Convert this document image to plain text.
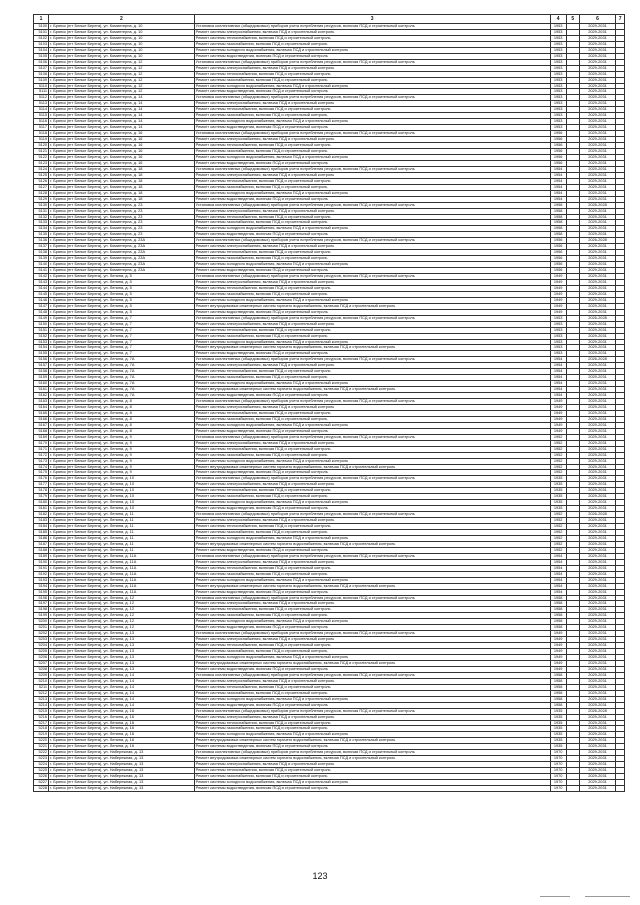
1	2	3	4	5	6	7
5100	г. Брянск (пгт Белые Берега), ул. Коминтерна, д. 10	Установка коллективных (общедомовых) приборов учета потребления ресурсов, включая ПСД и строительный контроль	1953		2029-2031	
5101	г. Брянск (пгт Белые Берега), ул. Коминтерна, д. 10	Ремонт системы электроснабжения, включая ПСД и строительный контроль	1953		2029-2031	
5102	г. Брянск (пгт Белые Берега), ул. Коминтерна, д. 10	Ремонт системы теплоснабжения, включая ПСД и строительный контроль	1953		2029-2031	
5103	г. Брянск (пгт Белые Берега), ул. Коминтерна, д. 10	Ремонт системы газоснабжения, включая ПСД и строительный контроль	1953		2029-2031	
5104	г. Брянск (пгт Белые Берега), ул. Коминтерна, д. 10	Ремонт системы холодного водоснабжения, включая ПСД и строительный контроль	1953		2029-2031	
5105	г. Брянск (пгт Белые Берега), ул. Коминтерна, д. 10	Ремонт системы водоотведения, включая ПСД и строительный контроль	1953		2029-2031	
5106	г. Брянск (пгт Белые Берега), ул. Коминтерна, д. 12	Установка коллективных (общедомовых) приборов учета потребления ресурсов, включая ПСД и строительный контроль	1953		2029-2031	
5107	г. Брянск (пгт Белые Берега), ул. Коминтерна, д. 12	Ремонт системы электроснабжения, включая ПСД и строительный контроль	1953		2029-2031	
5108	г. Брянск (пгт Белые Берега), ул. Коминтерна, д. 12	Ремонт системы теплоснабжения, включая ПСД и строительный контроль	1953		2029-2031	
5109	г. Брянск (пгт Белые Берега), ул. Коминтерна, д. 12	Ремонт системы газоснабжения, включая ПСД и строительный контроль	1953		2029-2031	
5110	г. Брянск (пгт Белые Берега), ул. Коминтерна, д. 12	Ремонт системы холодного водоснабжения, включая ПСД и строительный контроль	1953		2029-2031	
5111	г. Брянск (пгт Белые Берега), ул. Коминтерна, д. 12	Ремонт системы водоотведения, включая ПСД и строительный контроль	1953		2029-2031	
5112	г. Брянск (пгт Белые Берега), ул. Коминтерна, д. 14	Установка коллективных (общедомовых) приборов учета потребления ресурсов, включая ПСД и строительный контроль	1953		2029-2031	
5113	г. Брянск (пгт Белые Берега), ул. Коминтерна, д. 14	Ремонт системы электроснабжения, включая ПСД и строительный контроль	1953		2029-2031	
5114	г. Брянск (пгт Белые Берега), ул. Коминтерна, д. 14	Ремонт системы теплоснабжения, включая ПСД и строительный контроль	1953		2029-2031	
5115	г. Брянск (пгт Белые Берега), ул. Коминтерна, д. 14	Ремонт системы газоснабжения, включая ПСД и строительный контроль	1953		2029-2031	
5116	г. Брянск (пгт Белые Берега), ул. Коминтерна, д. 14	Ремонт системы холодного водоснабжения, включая ПСД и строительный контроль	1953		2029-2031	
5117	г. Брянск (пгт Белые Берега), ул. Коминтерна, д. 14	Ремонт системы водоотведения, включая ПСД и строительный контроль	1953		2029-2031	
5118	г. Брянск (пгт Белые Берега), ул. Коминтерна, д. 16	Установка коллективных (общедомовых) приборов учета потребления ресурсов, включая ПСД и строительный контроль	1956		2029-2031	
5119	г. Брянск (пгт Белые Берега), ул. Коминтерна, д. 16	Ремонт системы электроснабжения, включая ПСД и строительный контроль	1956		2029-2031	
5120	г. Брянск (пгт Белые Берега), ул. Коминтерна, д. 16	Ремонт системы теплоснабжения, включая ПСД и строительный контроль	1956		2029-2031	
5121	г. Брянск (пгт Белые Берега), ул. Коминтерна, д. 16	Ремонт системы газоснабжения, включая ПСД и строительный контроль	1956		2029-2031	
5122	г. Брянск (пгт Белые Берега), ул. Коминтерна, д. 16	Ремонт системы холодного водоснабжения, включая ПСД и строительный контроль	1956		2029-2031	
5123	г. Брянск (пгт Белые Берега), ул. Коминтерна, д. 16	Ремонт системы водоотведения, включая ПСД и строительный контроль	1956		2029-2031	
5124	г. Брянск (пгт Белые Берега), ул. Коминтерна, д. 18	Установка коллективных (общедомовых) приборов учета потребления ресурсов, включая ПСД и строительный контроль	1954		2029-2031	
5125	г. Брянск (пгт Белые Берега), ул. Коминтерна, д. 18	Ремонт системы электроснабжения, включая ПСД и строительный контроль	1954		2029-2031	
5126	г. Брянск (пгт Белые Берега), ул. Коминтерна, д. 18	Ремонт системы теплоснабжения, включая ПСД и строительный контроль	1954		2029-2031	
5127	г. Брянск (пгт Белые Берега), ул. Коминтерна, д. 18	Ремонт системы газоснабжения, включая ПСД и строительный контроль	1954		2029-2031	
5128	г. Брянск (пгт Белые Берега), ул. Коминтерна, д. 18	Ремонт системы холодного водоснабжения, включая ПСД и строительный контроль	1954		2029-2031	
5129	г. Брянск (пгт Белые Берега), ул. Коминтерна, д. 18	Ремонт системы водоотведения, включая ПСД и строительный контроль	1954		2029-2031	
5130	г. Брянск (пгт Белые Берега), ул. Коминтерна, д. 23	Установка коллективных (общедомовых) приборов учета потребления ресурсов, включая ПСД и строительный контроль	1958		2026-2028	
5131	г. Брянск (пгт Белые Берега), ул. Коминтерна, д. 23	Ремонт системы электроснабжения, включая ПСД и строительный контроль	1958		2029-2031	
5132	г. Брянск (пгт Белые Берега), ул. Коминтерна, д. 23	Ремонт системы теплоснабжения, включая ПСД и строительный контроль	1958		2029-2031	
5133	г. Брянск (пгт Белые Берега), ул. Коминтерна, д. 23	Ремонт системы газоснабжения, включая ПСД и строительный контроль	1958		2029-2031	
5134	г. Брянск (пгт Белые Берега), ул. Коминтерна, д. 23	Ремонт системы холодного водоснабжения, включая ПСД и строительный контроль	1958		2029-2031	
5135	г. Брянск (пгт Белые Берега), ул. Коминтерна, д. 23	Ремонт системы водоотведения, включая ПСД и строительный контроль	1958		2029-2031	
5136	г. Брянск (пгт Белые Берега), ул. Коминтерна, д. 23А	Установка коллективных (общедомовых) приборов учета потребления ресурсов, включая ПСД и строительный контроль	1956		2026-2028	
5137	г. Брянск (пгт Белые Берега), ул. Коминтерна, д. 23А	Ремонт системы электроснабжения, включая ПСД и строительный контроль	1956		2029-2031	
5138	г. Брянск (пгт Белые Берега), ул. Коминтерна, д. 23А	Ремонт системы теплоснабжения, включая ПСД и строительный контроль	1956		2029-2031	
5139	г. Брянск (пгт Белые Берега), ул. Коминтерна, д. 23А	Ремонт системы газоснабжения, включая ПСД и строительный контроль	1956		2029-2031	
5140	г. Брянск (пгт Белые Берега), ул. Коминтерна, д. 23А	Ремонт системы холодного водоснабжения, включая ПСД и строительный контроль	1956		2029-2031	
5141	г. Брянск (пгт Белые Берега), ул. Коминтерна, д. 23А	Ремонт системы водоотведения, включая ПСД и строительный контроль	1956		2029-2031	
5142	г. Брянск (пгт Белые Берега), ул. Ленина, д. 5	Установка коллективных (общедомовых) приборов учета потребления ресурсов, включая ПСД и строительный контроль	1949		2029-2031	
5143	г. Брянск (пгт Белые Берега), ул. Ленина, д. 5	Ремонт системы электроснабжения, включая ПСД и строительный контроль	1949		2029-2031	
5144	г. Брянск (пгт Белые Берега), ул. Ленина, д. 5	Ремонт системы теплоснабжения, включая ПСД и строительный контроль	1949		2029-2031	
5145	г. Брянск (пгт Белые Берега), ул. Ленина, д. 5	Ремонт системы газоснабжения, включая ПСД и строительный контроль	1949		2029-2031	
5146	г. Брянск (пгт Белые Берега), ул. Ленина, д. 5	Ремонт системы холодного водоснабжения, включая ПСД и строительный контроль	1949		2029-2031	
5147	г. Брянск (пгт Белые Берега), ул. Ленина, д. 5	Ремонт внутридомовых инженерных систем горячего водоснабжения, включая ПСД и строительный контроль	1949		2029-2031	
5148	г. Брянск (пгт Белые Берега), ул. Ленина, д. 5	Ремонт системы водоотведения, включая ПСД и строительный контроль	1949		2029-2031	
5149	г. Брянск (пгт Белые Берега), ул. Ленина, д. 7	Установка коллективных (общедомовых) приборов учета потребления ресурсов, включая ПСД и строительный контроль	1953		2026-2028	
5150	г. Брянск (пгт Белые Берега), ул. Ленина, д. 7	Ремонт системы электроснабжения, включая ПСД и строительный контроль	1953		2029-2031	
5151	г. Брянск (пгт Белые Берега), ул. Ленина, д. 7	Ремонт системы теплоснабжения, включая ПСД и строительный контроль	1953		2029-2031	
5152	г. Брянск (пгт Белые Берега), ул. Ленина, д. 7	Ремонт системы газоснабжения, включая ПСД и строительный контроль	1953		2029-2031	
5153	г. Брянск (пгт Белые Берега), ул. Ленина, д. 7	Ремонт системы холодного водоснабжения, включая ПСД и строительный контроль	1953		2029-2031	
5154	г. Брянск (пгт Белые Берега), ул. Ленина, д. 7	Ремонт внутридомовых инженерных систем горячего водоснабжения, включая ПСД и строительный контроль	1953		2029-2031	
5155	г. Брянск (пгт Белые Берега), ул. Ленина, д. 7	Ремонт системы водоотведения, включая ПСД и строительный контроль	1953		2029-2031	
5156	г. Брянск (пгт Белые Берега), ул. Ленина, д. 7А	Установка коллективных (общедомовых) приборов учета потребления ресурсов, включая ПСД и строительный контроль	1954		2026-2028	
5157	г. Брянск (пгт Белые Берега), ул. Ленина, д. 7А	Ремонт системы электроснабжения, включая ПСД и строительный контроль	1954		2029-2031	
5158	г. Брянск (пгт Белые Берега), ул. Ленина, д. 7А	Ремонт системы теплоснабжения, включая ПСД и строительный контроль	1954		2029-2031	
5159	г. Брянск (пгт Белые Берега), ул. Ленина, д. 7А	Ремонт системы газоснабжения, включая ПСД и строительный контроль	1954		2029-2031	
5160	г. Брянск (пгт Белые Берега), ул. Ленина, д. 7А	Ремонт системы холодного водоснабжения, включая ПСД и строительный контроль	1954		2029-2031	
5161	г. Брянск (пгт Белые Берега), ул. Ленина, д. 7А	Ремонт внутридомовых инженерных систем горячего водоснабжения, включая ПСД и строительный контроль	1954		2029-2031	
5162	г. Брянск (пгт Белые Берега), ул. Ленина, д. 7А	Ремонт системы водоотведения, включая ПСД и строительный контроль	1954		2029-2031	
5163	г. Брянск (пгт Белые Берега), ул. Ленина, д. 8	Установка коллективных (общедомовых) приборов учета потребления ресурсов, включая ПСД и строительный контроль	1949		2029-2031	
5164	г. Брянск (пгт Белые Берега), ул. Ленина, д. 8	Ремонт системы электроснабжения, включая ПСД и строительный контроль	1949		2029-2031	
5165	г. Брянск (пгт Белые Берега), ул. Ленина, д. 8	Ремонт системы теплоснабжения, включая ПСД и строительный контроль	1949		2029-2031	
5166	г. Брянск (пгт Белые Берега), ул. Ленина, д. 8	Ремонт системы газоснабжения, включая ПСД и строительный контроль	1949		2029-2031	
5167	г. Брянск (пгт Белые Берега), ул. Ленина, д. 8	Ремонт системы холодного водоснабжения, включая ПСД и строительный контроль	1949		2029-2031	
5168	г. Брянск (пгт Белые Берега), ул. Ленина, д. 8	Ремонт системы водоотведения, включая ПСД и строительный контроль	1949		2029-2031	
5169	г. Брянск (пгт Белые Берега), ул. Ленина, д. 9	Установка коллективных (общедомовых) приборов учета потребления ресурсов, включая ПСД и строительный контроль	1952		2029-2031	
5170	г. Брянск (пгт Белые Берега), ул. Ленина, д. 9	Ремонт системы электроснабжения, включая ПСД и строительный контроль	1952		2029-2031	
5171	г. Брянск (пгт Белые Берега), ул. Ленина, д. 9	Ремонт системы теплоснабжения, включая ПСД и строительный контроль	1952		2029-2031	
5172	г. Брянск (пгт Белые Берега), ул. Ленина, д. 9	Ремонт системы газоснабжения, включая ПСД и строительный контроль	1952		2029-2031	
5173	г. Брянск (пгт Белые Берега), ул. Ленина, д. 9	Ремонт системы холодного водоснабжения, включая ПСД и строительный контроль	1952		2029-2031	
5174	г. Брянск (пгт Белые Берега), ул. Ленина, д. 9	Ремонт внутридомовых инженерных систем горячего водоснабжения, включая ПСД и строительный контроль	1952		2029-2031	
5175	г. Брянск (пгт Белые Берега), ул. Ленина, д. 9	Ремонт системы водоотведения, включая ПСД и строительный контроль	1952		2029-2031	
5176	г. Брянск (пгт Белые Берега), ул. Ленина, д. 10	Установка коллективных (общедомовых) приборов учета потребления ресурсов, включая ПСД и строительный контроль	1935		2029-2031	
5177	г. Брянск (пгт Белые Берега), ул. Ленина, д. 10	Ремонт системы электроснабжения, включая ПСД и строительный контроль	1935		2029-2031	
5178	г. Брянск (пгт Белые Берега), ул. Ленина, д. 10	Ремонт системы теплоснабжения, включая ПСД и строительный контроль	1935		2029-2031	
5179	г. Брянск (пгт Белые Берега), ул. Ленина, д. 10	Ремонт системы газоснабжения, включая ПСД и строительный контроль	1935		2029-2031	
5180	г. Брянск (пгт Белые Берега), ул. Ленина, д. 10	Ремонт системы холодного водоснабжения, включая ПСД и строительный контроль	1935		2029-2031	
5181	г. Брянск (пгт Белые Берега), ул. Ленина, д. 10	Ремонт системы водоотведения, включая ПСД и строительный контроль	1935		2029-2031	
5182	г. Брянск (пгт Белые Берега), ул. Ленина, д. 11	Установка коллективных (общедомовых) приборов учета потребления ресурсов, включая ПСД и строительный контроль	1952		2026-2028	
5183	г. Брянск (пгт Белые Берега), ул. Ленина, д. 11	Ремонт системы электроснабжения, включая ПСД и строительный контроль	1952		2029-2031	
5184	г. Брянск (пгт Белые Берега), ул. Ленина, д. 11	Ремонт системы теплоснабжения, включая ПСД и строительный контроль	1952		2029-2031	
5185	г. Брянск (пгт Белые Берега), ул. Ленина, д. 11	Ремонт системы газоснабжения, включая ПСД и строительный контроль	1952		2029-2031	
5186	г. Брянск (пгт Белые Берега), ул. Ленина, д. 11	Ремонт системы холодного водоснабжения, включая ПСД и строительный контроль	1952		2029-2031	
5187	г. Брянск (пгт Белые Берега), ул. Ленина, д. 11	Ремонт внутридомовых инженерных систем горячего водоснабжения, включая ПСД и строительный контроль	1952		2029-2031	
5188	г. Брянск (пгт Белые Берега), ул. Ленина, д. 11	Ремонт системы водоотведения, включая ПСД и строительный контроль	1952		2029-2031	
5189	г. Брянск (пгт Белые Берега), ул. Ленина, д. 11А	Установка коллективных (общедомовых) приборов учета потребления ресурсов, включая ПСД и строительный контроль	1954		2029-2031	
5190	г. Брянск (пгт Белые Берега), ул. Ленина, д. 11А	Ремонт системы электроснабжения, включая ПСД и строительный контроль	1954		2029-2031	
5191	г. Брянск (пгт Белые Берега), ул. Ленина, д. 11А	Ремонт системы теплоснабжения, включая ПСД и строительный контроль	1954		2029-2031	
5192	г. Брянск (пгт Белые Берега), ул. Ленина, д. 11А	Ремонт системы газоснабжения, включая ПСД и строительный контроль	1954		2029-2031	
5193	г. Брянск (пгт Белые Берега), ул. Ленина, д. 11А	Ремонт системы холодного водоснабжения, включая ПСД и строительный контроль	1954		2029-2031	
5194	г. Брянск (пгт Белые Берега), ул. Ленина, д. 11А	Ремонт внутридомовых инженерных систем горячего водоснабжения, включая ПСД и строительный контроль	1954		2029-2031	
5195	г. Брянск (пгт Белые Берега), ул. Ленина, д. 11А	Ремонт системы водоотведения, включая ПСД и строительный контроль	1954		2029-2031	
5196	г. Брянск (пгт Белые Берега), ул. Ленина, д. 12	Установка коллективных (общедомовых) приборов учета потребления ресурсов, включая ПСД и строительный контроль	1958		2029-2031	
5197	г. Брянск (пгт Белые Берега), ул. Ленина, д. 12	Ремонт системы электроснабжения, включая ПСД и строительный контроль	1958		2029-2031	
5198	г. Брянск (пгт Белые Берега), ул. Ленина, д. 12	Ремонт системы теплоснабжения, включая ПСД и строительный контроль	1958		2029-2031	
5199	г. Брянск (пгт Белые Берега), ул. Ленина, д. 12	Ремонт системы газоснабжения, включая ПСД и строительный контроль	1958		2029-2031	
5200	г. Брянск (пгт Белые Берега), ул. Ленина, д. 12	Ремонт системы холодного водоснабжения, включая ПСД и строительный контроль	1958		2029-2031	
5201	г. Брянск (пгт Белые Берега), ул. Ленина, д. 12	Ремонт системы водоотведения, включая ПСД и строительный контроль	1958		2029-2031	
5202	г. Брянск (пгт Белые Берега), ул. Ленина, д. 13	Установка коллективных (общедомовых) приборов учета потребления ресурсов, включая ПСД и строительный контроль	1949		2029-2031	
5203	г. Брянск (пгт Белые Берега), ул. Ленина, д. 13	Ремонт системы электроснабжения, включая ПСД и строительный контроль	1949		2029-2031	
5204	г. Брянск (пгт Белые Берега), ул. Ленина, д. 13	Ремонт системы теплоснабжения, включая ПСД и строительный контроль	1949		2029-2031	
5205	г. Брянск (пгт Белые Берега), ул. Ленина, д. 13	Ремонт системы газоснабжения, включая ПСД и строительный контроль	1949		2029-2031	
5206	г. Брянск (пгт Белые Берега), ул. Ленина, д. 13	Ремонт системы холодного водоснабжения, включая ПСД и строительный контроль	1949		2029-2031	
5207	г. Брянск (пгт Белые Берега), ул. Ленина, д. 13	Ремонт внутридомовых инженерных систем горячего водоснабжения, включая ПСД и строительный контроль	1949		2029-2031	
5208	г. Брянск (пгт Белые Берега), ул. Ленина, д. 13	Ремонт системы водоотведения, включая ПСД и строительный контроль	1949		2029-2031	
5209	г. Брянск (пгт Белые Берега), ул. Ленина, д. 14	Установка коллективных (общедомовых) приборов учета потребления ресурсов, включая ПСД и строительный контроль	1958		2029-2031	
5210	г. Брянск (пгт Белые Берега), ул. Ленина, д. 14	Ремонт системы электроснабжения, включая ПСД и строительный контроль	1958		2029-2031	
5211	г. Брянск (пгт Белые Берега), ул. Ленина, д. 14	Ремонт системы теплоснабжения, включая ПСД и строительный контроль	1958		2029-2031	
5212	г. Брянск (пгт Белые Берега), ул. Ленина, д. 14	Ремонт системы газоснабжения, включая ПСД и строительный контроль	1958		2029-2031	
5213	г. Брянск (пгт Белые Берега), ул. Ленина, д. 14	Ремонт системы холодного водоснабжения, включая ПСД и строительный контроль	1958		2029-2031	
5214	г. Брянск (пгт Белые Берега), ул. Ленина, д. 14	Ремонт системы водоотведения, включая ПСД и строительный контроль	1958		2029-2031	
5215	г. Брянск (пгт Белые Берега), ул. Ленина, д. 16	Установка коллективных (общедомовых) приборов учета потребления ресурсов, включая ПСД и строительный контроль	1935		2026-2028	
5216	г. Брянск (пгт Белые Берега), ул. Ленина, д. 16	Ремонт системы электроснабжения, включая ПСД и строительный контроль	1935		2029-2031	
5217	г. Брянск (пгт Белые Берега), ул. Ленина, д. 16	Ремонт системы теплоснабжения, включая ПСД и строительный контроль	1935		2029-2031	
5218	г. Брянск (пгт Белые Берега), ул. Ленина, д. 16	Ремонт системы газоснабжения, включая ПСД и строительный контроль	1935		2029-2031	
5219	г. Брянск (пгт Белые Берега), ул. Ленина, д. 16	Ремонт системы холодного водоснабжения, включая ПСД и строительный контроль	1935		2029-2031	
5220	г. Брянск (пгт Белые Берега), ул. Ленина, д. 16	Ремонт внутридомовых инженерных систем горячего водоснабжения, включая ПСД и строительный контроль	1935		2029-2031	
5221	г. Брянск (пгт Белые Берега), ул. Ленина, д. 16	Ремонт системы водоотведения, включая ПСД и строительный контроль	1935		2029-2031	
5222	г. Брянск (пгт Белые Берега), ул. Набережная, д. 13	Установка коллективных (общедомовых) приборов учета потребления ресурсов, включая ПСД и строительный контроль	1970		2029-2031	
5223	г. Брянск (пгт Белые Берега), ул. Набережная, д. 13	Ремонт внутридомовых инженерных систем горячего водоснабжения, включая ПСД и строительный контроль	1970		2029-2031	
5224	г. Брянск (пгт Белые Берега), ул. Набережная, д. 13	Ремонт системы электроснабжения, включая ПСД и строительный контроль	1970		2029-2031	
5225	г. Брянск (пгт Белые Берега), ул. Набережная, д. 13	Ремонт системы теплоснабжения, включая ПСД и строительный контроль	1970		2029-2031	
5226	г. Брянск (пгт Белые Берега), ул. Набережная, д. 13	Ремонт системы газоснабжения, включая ПСД и строительный контроль	1970		2029-2031	
5227	г. Брянск (пгт Белые Берега), ул. Набережная, д. 13	Ремонт системы холодного водоснабжения, включая ПСД и строительный контроль	1970		2029-2031	
5228	г. Брянск (пгт Белые Берега), ул. Набережная, д. 13	Ремонт системы водоотведения, включая ПСД и строительный контроль	1970		2029-2031	
123
